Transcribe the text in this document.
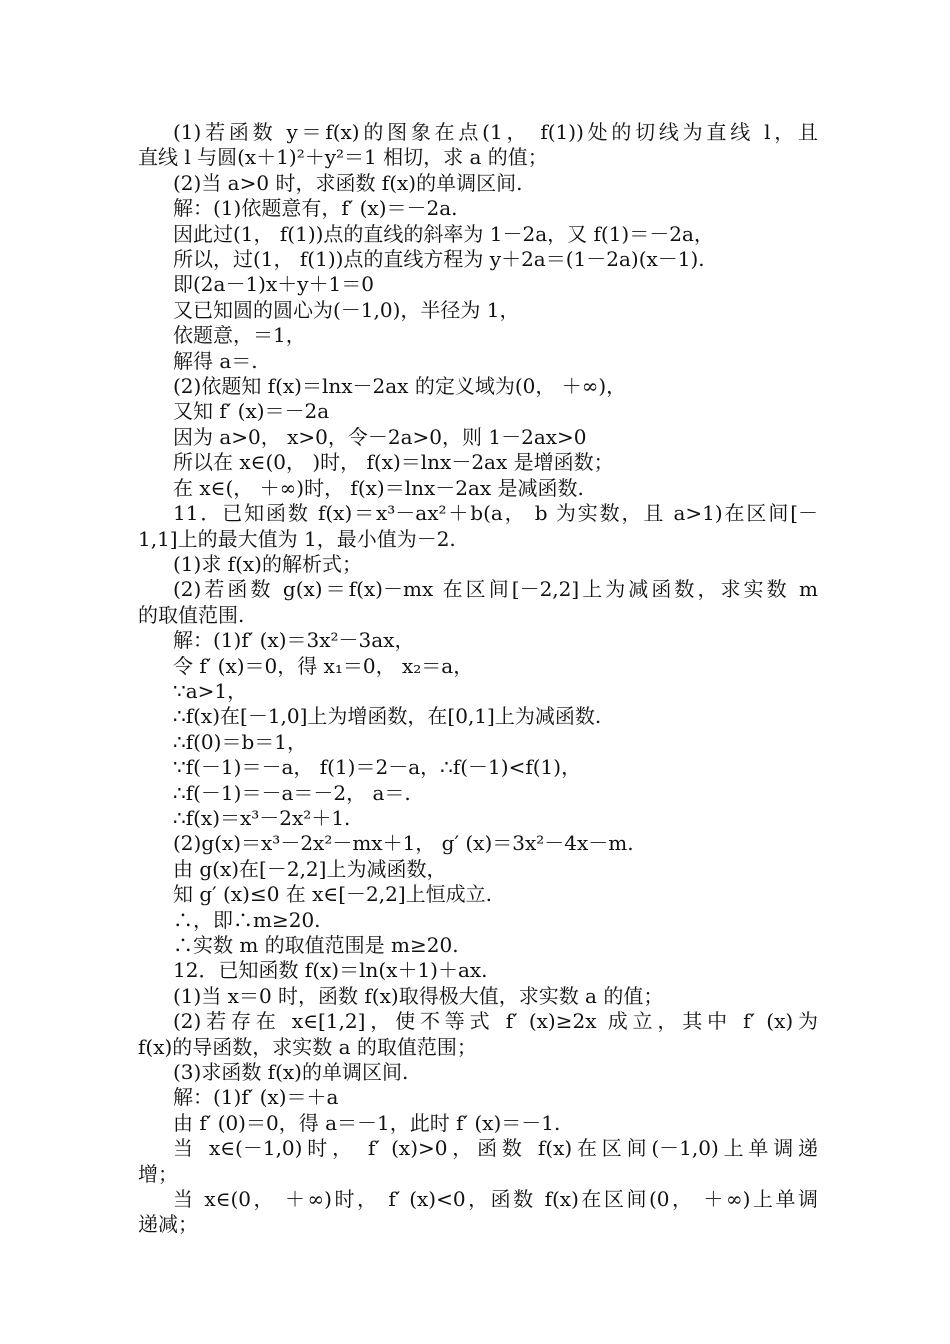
(1)若函数 y＝f(x)的图象在点(1， f(1))处的切线为直线 l，且
直线 l 与圆(x＋1)²＋y²＝1 相切，求 a 的值；
(2)当 a>0 时，求函数 f(x)的单调区间.
解：(1)依题意有，f′ (x)＝－2a.
因此过(1， f(1))点的直线的斜率为 1－2a，又 f(1)＝－2a，
所以，过(1， f(1))点的直线方程为 y＋2a＝(1－2a)(x－1).
即(2a－1)x＋y＋1＝0
又已知圆的圆心为(－1,0)，半径为 1，
依题意，＝1，
解得 a＝.
(2)依题知 f(x)＝lnx－2ax 的定义域为(0， ＋∞)，
又知 f′ (x)＝－2a
因为 a>0， x>0，令－2a>0，则 1－2ax>0
所以在 x∈(0， )时， f(x)＝lnx－2ax 是增函数；
在 x∈(， ＋∞)时， f(x)＝lnx－2ax 是减函数.
11．已知函数 f(x)＝x³－ax²＋b(a， b 为实数，且 a>1)在区间[－
1,1]上的最大值为 1，最小值为－2.
(1)求 f(x)的解析式；
(2)若函数 g(x)＝f(x)－mx 在区间[－2,2]上为减函数，求实数 m
的取值范围.
解：(1)f′ (x)＝3x²－3ax，
令 f′ (x)＝0，得 x₁＝0， x₂＝a，
∵a>1，
∴f(x)在[－1,0]上为增函数，在[0,1]上为减函数.
∴f(0)＝b＝1，
∵f(－1)＝－a， f(1)＝2－a，∴f(－1)<f(1)，
∴f(－1)＝－a＝－2， a＝.
∴f(x)＝x³－2x²＋1.
(2)g(x)＝x³－2x²－mx＋1， g′ (x)＝3x²－4x－m.
由 g(x)在[－2,2]上为减函数，
知 g′ (x)≤0 在 x∈[－2,2]上恒成立.
∴，即∴m≥20.
∴实数 m 的取值范围是 m≥20.
12．已知函数 f(x)＝ln(x＋1)＋ax.
(1)当 x＝0 时，函数 f(x)取得极大值，求实数 a 的值；
(2)若存在 x∈[1,2]，使不等式 f′ (x)≥2x 成立，其中 f′ (x)为
f(x)的导函数，求实数 a 的取值范围；
(3)求函数 f(x)的单调区间.
解：(1)f′ (x)＝＋a
由 f′ (0)＝0，得 a＝－1，此时 f′ (x)＝－1.
当 x∈(－1,0)时， f′ (x)>0，函数 f(x)在区间(－1,0)上单调递
增；
当 x∈(0， ＋∞)时， f′ (x)<0，函数 f(x)在区间(0， ＋∞)上单调
递减；
